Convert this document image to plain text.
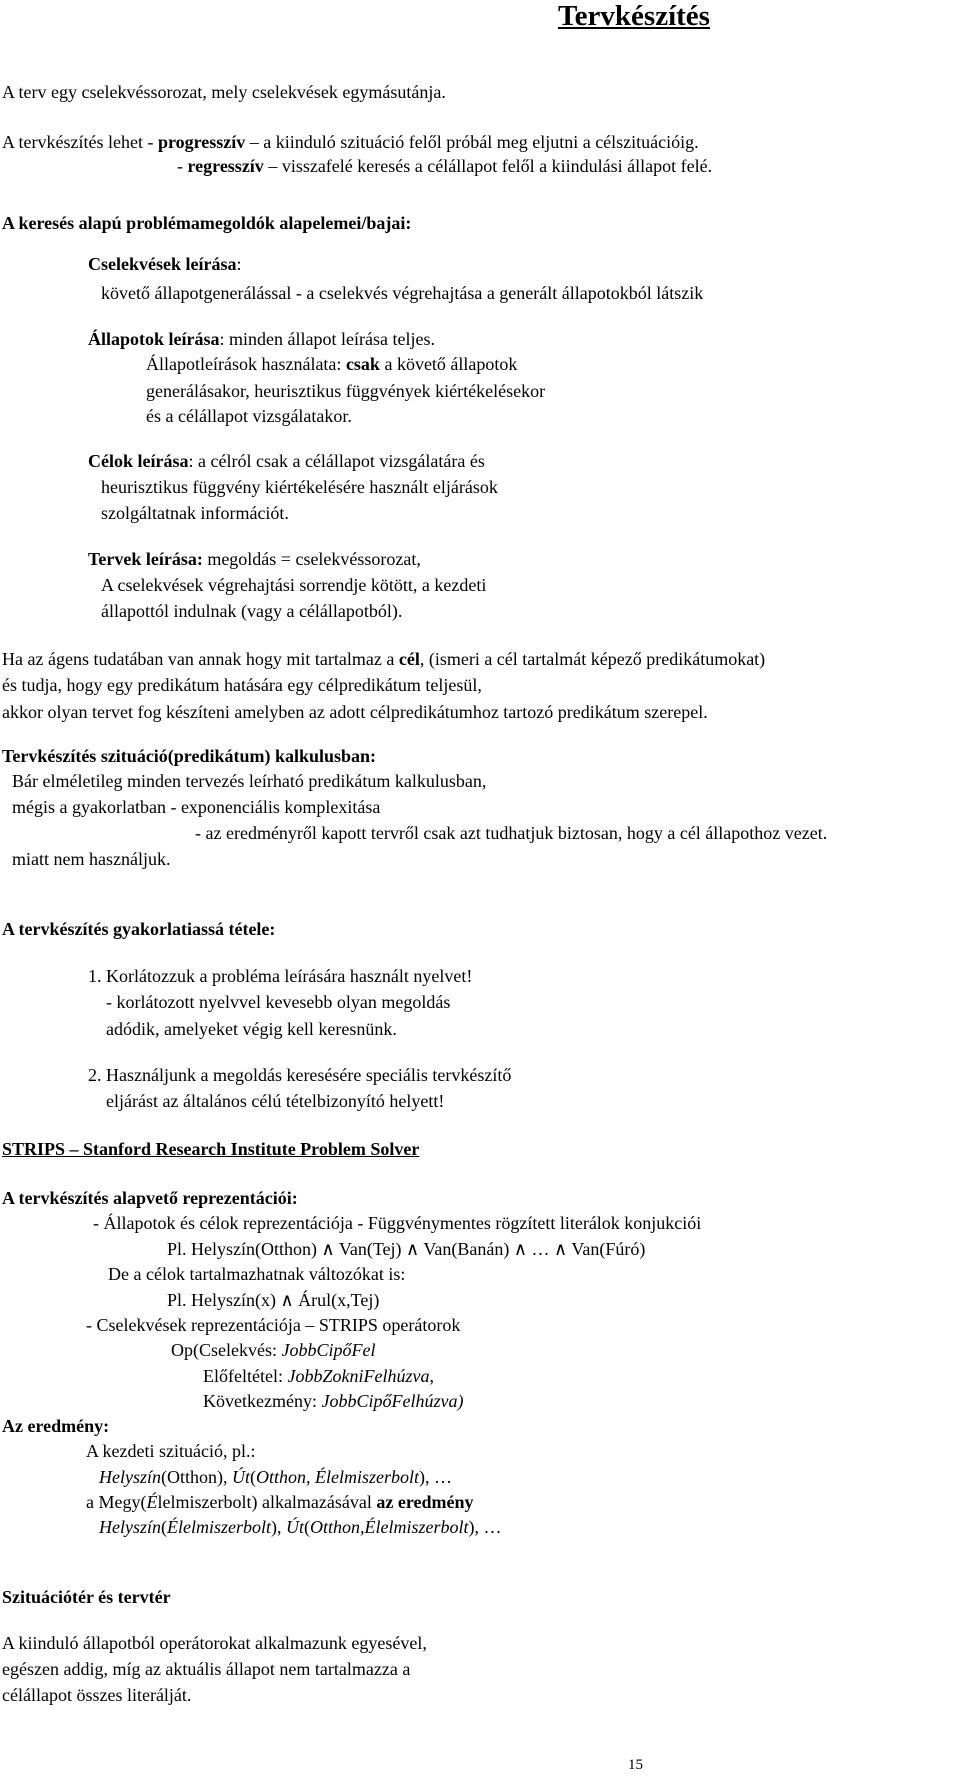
Tervkészítés
A terv egy cselekvéssorozat, mely cselekvések egymásutánja.
A tervkészítés lehet - progresszív – a kiinduló szituáció felől próbál meg eljutni a célszituációig.
- regresszív – visszafelé keresés a célállapot felől a kiindulási állapot felé.
A keresés alapú problémamegoldók alapelemei/bajai:
Cselekvések leírása:
követő állapotgenerálással - a cselekvés végrehajtása a generált állapotokból látszik
Állapotok leírása: minden állapot leírása teljes.
Állapotleírások használata: csak a követő állapotok
generálásakor, heurisztikus függvények kiértékelésekor
és a célállapot vizsgálatakor.
Célok leírása: a célról csak a célállapot vizsgálatára és
heurisztikus függvény kiértékelésére használt eljárások
szolgáltatnak információt.
Tervek leírása: megoldás = cselekvéssorozat,
A cselekvések végrehajtási sorrendje kötött, a kezdeti
állapottól indulnak (vagy a célállapotból).
Ha az ágens tudatában van annak hogy mit tartalmaz a cél, (ismeri a cél tartalmát képező predikátumokat)
és tudja, hogy egy predikátum hatására egy célpredikátum teljesül,
akkor olyan tervet fog készíteni amelyben az adott célpredikátumhoz tartozó predikátum szerepel.
Tervkészítés szituáció(predikátum) kalkulusban:
Bár elméletileg minden tervezés leírható predikátum kalkulusban,
mégis a gyakorlatban - exponenciális komplexitása
- az eredményről kapott tervről csak azt tudhatjuk biztosan, hogy a cél állapothoz vezet.
miatt nem használjuk.
A tervkészítés gyakorlatiassá tétele:
1. Korlátozzuk a probléma leírására használt nyelvet!
- korlátozott nyelvvel kevesebb olyan megoldás
adódik, amelyeket végig kell keresnünk.
2. Használjunk a megoldás keresésére speciális tervkészítő
eljárást az általános célú tételbizonyító helyett!
STRIPS – Stanford Research Institute Problem Solver
A tervkészítés alapvető reprezentációi:
- Állapotok és célok reprezentációja - Függvénymentes rögzített literálok konjukciói
Pl. Helyszín(Otthon) ∧ Van(Tej) ∧ Van(Banán) ∧ … ∧ Van(Fúró)
De a célok tartalmazhatnak változókat is:
Pl. Helyszín(x) ∧ Árul(x,Tej)
- Cselekvések reprezentációja – STRIPS operátorok
Op(Cselekvés: JobbCipőFel
Előfeltétel: JobbZokniFelhúzva,
Következmény: JobbCipőFelhúzva)
Az eredmény:
A kezdeti szituáció, pl.:
Helyszín(Otthon), Út(Otthon, Élelmiszerbolt), …
a Megy(Élelmiszerbolt) alkalmazásával az eredmény
Helyszín(Élelmiszerbolt), Út(Otthon,Élelmiszerbolt), …
Szituációtér és tervtér
A kiinduló állapotból operátorokat alkalmazunk egyesével,
egészen addig, míg az aktuális állapot nem tartalmazza a
célállapot összes literálját.
15
